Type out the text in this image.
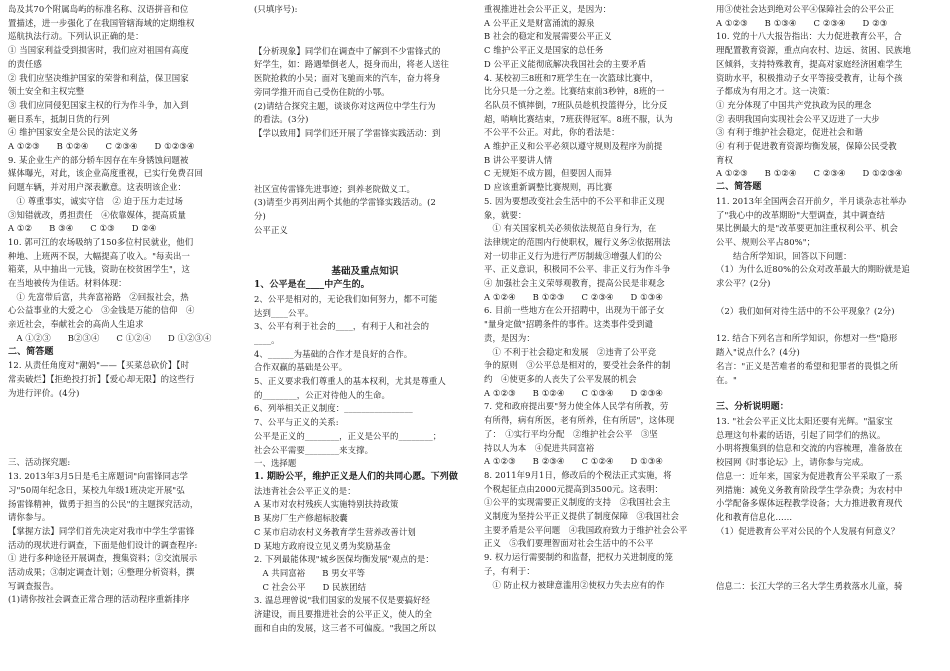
岛及其70个附属岛屿的标准名称、汉语拼音和位

置描述，进一步强化了在我国管辖海域的定期维权

巡航执法行动。下列认识正确的是：

① 当国家利益受到损害时，我们应对祖国有高度

的责任感

② 我们应坚决维护国家的荣誉和利益，保卫国家

领土安全和主权完整

③ 我们应同侵犯国家主权的行为作斗争，加入到

砸日系车，抵制日货的行列

④ 维护国家安全是公民的法定义务

A ①②③　　B ①②④　　C ②③④　　D ①②③④

9. 某企业生产的部分轿车因存在车身锈蚀问题被

媒体曝光，对此，该企业高度重视，已实行免费召回

问题车辆，并对用户深表歉意。这表明该企业：

　① 尊重事实，诚实守信　② 迫于压力走过场

③知错就改，勇担责任　④依靠媒体，提高质量

A ①②　　B ③④　　C ①③　　D ②④

10. 郭可江的农场吸纳了150多位村民就业，他们

种地、上班两不误，大幅提高了收入。"每卖出一

箱菜，从中抽出一元钱，资助在校贫困学生"，这

在当地被传为佳话。材料体现：

　① 先富带后富，共奔富裕路　②回报社会，热

心公益事业的大爱之心　③金钱是万能的信仰　④

亲近社会，奉献社会的高尚人生追求

　A ①②③　　B②③④　　C ①②④　　D ①②③④

二、简答题

12. 从责任角度对"潮妈"——【买菜总砍价】【时

常卖破烂】【拒绝投打折】【爱心却无限】的这些行

为进行评价。(4分)

三、活动探究题:

13. 2013年3月5日是毛主席题词"向雷锋同志学

习"50周年纪念日，某校九年级1班决定开展"弘

扬雷锋精神，做勇于担当的公民"的主题探究活动，

请你参与。

【掌握方法】同学们首先决定对我市中学生学雷锋

活动的现状进行调查，下面是他们设计的调查程序:

① 进行多种途径开展调查，搜集资料；②交流展示

活动成果；③制定调查计划；④整理分析资料，撰

写调查报告。

(1)请你按社会调查正常合理的活动程序重新排序

(只填序号):

【分析现象】同学们在调查中了解到不少雷锋式的

好学生，如：路遇晕倒老人，挺身而出，将老人送往

医院抢救的小吴；面对飞驰而来的汽车，奋力将身

旁同学推开而自己受伤住院的小鄂。

(2)请结合探究主题，谈谈你对这两位中学生行为

的看法。(3分)

【学以致用】同学们还开展了学雷锋实践活动：到

社区宣传雷锋先进事迹；到养老院做义工。

(3)请至少再列出两个其他的学雷锋实践活动。(2

分)

公平正义

基础及重点知识

1、公平是在____中产生的。

2、公平是相对的，无论我们如何努力，都不可能

达到____公平。

3、公平有利于社会的____，有利于人和社会的

____。

4、______为基础的合作才是良好的合作。

合作双赢的基础是公平。

5、正义要求我们尊重人的基本权利，尤其是尊重人

的________，公正对待他人的生命。

6、列举相关正义制度：________________

7、公平与正义的关系:

公平是正义的________，正义是公平的________；

社会公平需要________来支撑。

一、选择题

1. 期盼公平，维护正义是人们的共同心愿。下列做

法违背社会公平正义的是：

A 某市对农村残疾人实施特别扶持政策

B 某房厂生产修超标胶囊

C 某市启动农村义务教育学生营养改善计划

D 某地方政府设立见义勇为奖励基金

2. 下列最能体现"城乡医保均衡发展"观点的是：

　A 共同富裕　　B 男女平等

　C 社会公平　　D 民族团结

3. 温总理曾说"我们国家的发展不仅是要搞好经

济建设，而且要推进社会的公平正义，使人的全

面和自由的发展，这三者不可偏废。"我国之所以

重视推进社会公平正义，是因为：

A 公平正义是财富涌流的源泉

B 社会的稳定和发展需要公平正义

C 维护公平正义是国家的总任务

D 公平正义能彻底解决我国社会的主要矛盾

4. 某校初三8班和7班学生在一次篮球比赛中，

比分只是一分之差。比赛结束前3秒钟，8班的一

名队员不慎摔倒，7班队员趁机投篮得分，比分反

超，哨响比赛结束，7班获得冠军。8班不服，认为

不公平不公正。对此，你的看法是：

A 维护正义和公平必须以遵守规则及程序为前提

B 讲公平要讲人情

C 无规矩不成方圆，但要因人而异

D 应该重新调整比赛规则，再比赛

5. 因为要想改变社会生活中的不公平和非正义现

象，就要：

　① 有关国家机关必须依法规范自身行为，在

法律规定的范围内行使职权，履行义务②依据刑法

对一切非正义行为进行严厉制裁③增强人们的公

平、正义意识，积极同不公平、非正义行为作斗争

④ 加强社会主义荣辱观教育，提高公民是非观念

A ①②④　　B ①②③　　C ②③④　　D ①③④

6. 目前一些地方在公开招聘中，出现为干部子女

"量身定做"招聘条件的事件。这类事件受到谴

责，是因为：

　① 不利于社会稳定和发展　②违背了公平竞

争的原则　③公平总是相对的，要受社会条件的制

约　④使更多的人丧失了公平发展的机会

A ①②③　　B ①②④　　C ①③④　　D ②③④

7. 党和政府提出要"努力使全体人民学有所教，劳

有所得，病有所医，老有所养，住有所居"，这体现

了：　①实行平均分配　②维护社会公平　③坚

持以人为本　④促进共同富裕

A ①②③　　B ②③④　　C ①②④　　D ①③④

8. 2011年9月1日，修改后的个税法正式实施，将

个税起征点由2000元提高到3500元。这表明：

①公平的实现需要正义制度的支持　②我国社会主

义制度为坚持公平正义提供了制度保障　③我国社会

主要矛盾是公平问题　④我国政府致力于维护社会公平

正义　⑤我们要理智面对社会生活中的不公平

9. 权力运行需要制约和监督，把权力关进制度的笼

子，有利于：

　① 防止权力被肆意滥用②使权力失去应有的作

用③使社会达到绝对公平④保障社会的公平公正

A ①②③　　B ①③④　　C ②③④　　D ②③

10. 党的十八大报告指出：大力促进教育公平，合

理配置教育资源，重点向农村、边远、贫困、民族地

区倾斜，支持特殊教育，提高对家庭经济困难学生

资助水平，积极推动子女平等接受教育，让每个孩

子都成为有用之才。这一决策：

① 充分体现了中国共产党执政为民的理念

② 表明我国向实现社会公平又迈进了一大步

③ 有利于维护社会稳定，促进社会和谐

④ 有利于促进教育资源均衡发展，保障公民受教

育权

A ①②③　　B ①②④　　C ②③④　　D ①②③④

二、简答题

11. 2013年全国两会召开前夕，半月谈杂志社举办

了"我心中的改革期盼"大型调查，其中调查结

果比例最大的是"改革要更加注重权利公平、机会

公平、规则公平占80%"；

　　结合所学知识，回答以下问题：

（1）为什么近80%的公众对改革最大的期盼就是追

求公平？(2分)

（2）我们如何对待生活中的不公平现象？(2分)

12. 结合下列名言和所学知识，你想对一些"隐形

踏入"说点什么？(4分)

名言："正义是苦难者的希望和犯罪者的畏惧之所

在。"

三、分析说明题：

13. "社会公平正义比太阳还要有光辉。"温家宝

总理这句朴素的话语，引起了同学们的热议。

小明将搜集到的信息和交流的内容梳理，准备放在

校园网《时事论坛》上，请你参与完成。

信息一：近年来，国家为促进教育公平采取了一系

列措施：减免义务教育阶段学生学杂费；为农村中

小学配备多媒体远程教学设备；大力推进教育现代

化和教育信息化……

（1）促进教育公平对公民的个人发展有何意义？

信息二：长江大学的三名大学生勇救落水儿童，骑
